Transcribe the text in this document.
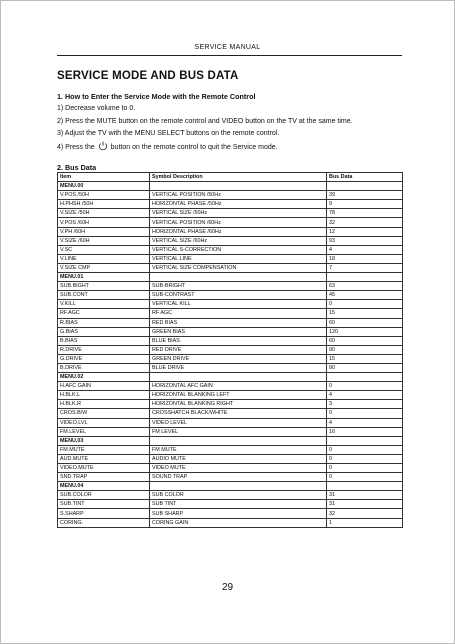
SERVICE MANUAL
SERVICE MODE AND BUS DATA
1. How to Enter the Service Mode with the Remote Control
1) Decrease volume to 0.
2) Press the MUTE button on the remote control and VIDEO button on the TV at the same time.
3) Adjust the TV with the MENU SELECT buttons on the remote control.
4) Press the button on the remote control to quit the Service mode.
2. Bus Data
Item	Symbol Description	Bus Data
MENU.00		
V.POS /50H	VERTICAL POSITION /50Hz	39
H.PHSH /50H	HORIZONTAL PHASE /50Hz	9
V.SIZE /50H	VERTICAL SIZE /50Hz	78
V.POS /60H	VERTICAL POSITION /60Hz	32
V.PH /60H	HORIZONTAL PHASE /60Hz	12
V.SIZE /60H	VERTICAL SIZE /60Hz	93
V.SC	VERTICAL S-CORRECTION	4
V.LINE	VERTICAL LINE	18
V.SIZE CMP	VERTICAL SIZE COMPENSATION	7
MENU.01		
SUB.BIGHT	SUB-BRIGHT	63
SUB.CONT	SUB-CONTRAST	45
V.KILL	VERTICAL KILL	0
RF.AGC	RF AGC	15
R.BIAS	RED BIAS	60
G.BIAS	GREEN BIAS	120
B.BIAS	BLUE BIAS	60
R.DRIVE	RED DRIVE	90
G.DRIVE	GREEN DRIVE	15
B.DRIVE	BLUE DRIVE	90
MENU.02		
H.AFC GAIN	HORIZONTAL AFC GAIN	0
H.BLK.L	HORIZONTAL BLANKING LEFT	4
H.BLK.R	HORIZONTAL BLANKING RIGHT	3
CROS.B/W	CROSSHATCH BLACK/WHITE	0
VIDEO.LVL	VIDEO LEVEL	4
FM.LEVEL	FM LEVEL	16
MENU.03		
FM.MUTE	FM MUTE	0
AUD.MUTE	AUDIO MUTE	0
VIDEO.MUTE	VIDEO MUTE	0
SND.TRAP	SOUND TRAP	0
MENU.04		
SUB.COLOR	SUB COLOR	31
SUB.TINT	SUB TINT	31
S.SHARP	SUB SHARP	32
CORING.	CORING GAIN	1
29
